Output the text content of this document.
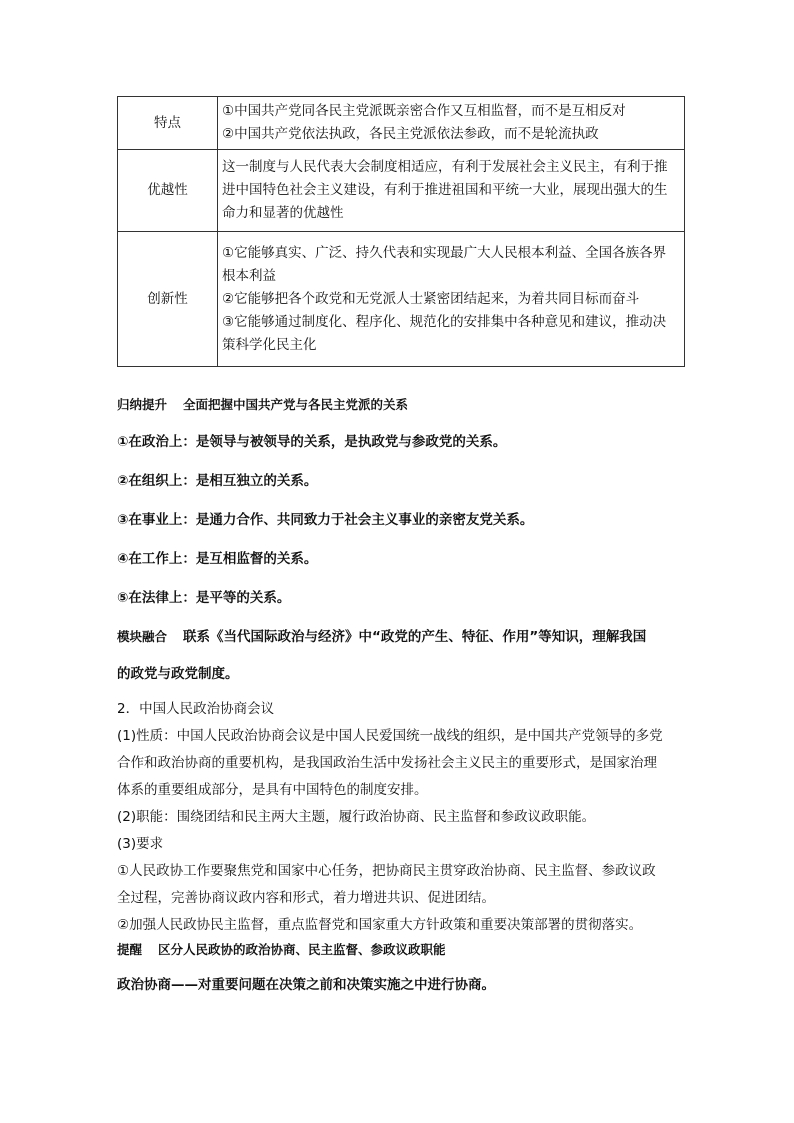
特点	①中国共产党同各民主党派既亲密合作又互相监督，而不是互相反对
②中国共产党依法执政，各民主党派依法参政，而不是轮流执政

优越性	这一制度与人民代表大会制度相适应，有利于发展社会主义民主，有利于推
进中国特色社会主义建设，有利于推进祖国和平统一大业，展现出强大的生
命力和显著的优越性

创新性	①它能够真实、广泛、持久代表和实现最广大人民根本利益、全国各族各界
根本利益
②它能够把各个政党和无党派人士紧密团结起来，为着共同目标而奋斗
③它能够通过制度化、程序化、规范化的安排集中各种意见和建议，推动决
策科学化民主化
归纳提升 全面把握中国共产党与各民主党派的关系
①在政治上：是领导与被领导的关系，是执政党与参政党的关系。
②在组织上：是相互独立的关系。
③在事业上：是通力合作、共同致力于社会主义事业的亲密友党关系。
④在工作上：是互相监督的关系。
⑤在法律上：是平等的关系。
模块融合 联系《当代国际政治与经济》中“政党的产生、特征、作用”等知识，理解我国
的政党与政党制度。
2．中国人民政治协商会议
(1)性质：中国人民政治协商会议是中国人民爱国统一战线的组织，是中国共产党领导的多党
合作和政治协商的重要机构，是我国政治生活中发扬社会主义民主的重要形式，是国家治理
体系的重要组成部分，是具有中国特色的制度安排。
(2)职能：围绕团结和民主两大主题，履行政治协商、民主监督和参政议政职能。
(3)要求
①人民政协工作要聚焦党和国家中心任务，把协商民主贯穿政治协商、民主监督、参政议政
全过程，完善协商议政内容和形式，着力增进共识、促进团结。
②加强人民政协民主监督，重点监督党和国家重大方针政策和重要决策部署的贯彻落实。
提醒 区分人民政协的政治协商、民主监督、参政议政职能
政治协商——对重要问题在决策之前和决策实施之中进行协商。
